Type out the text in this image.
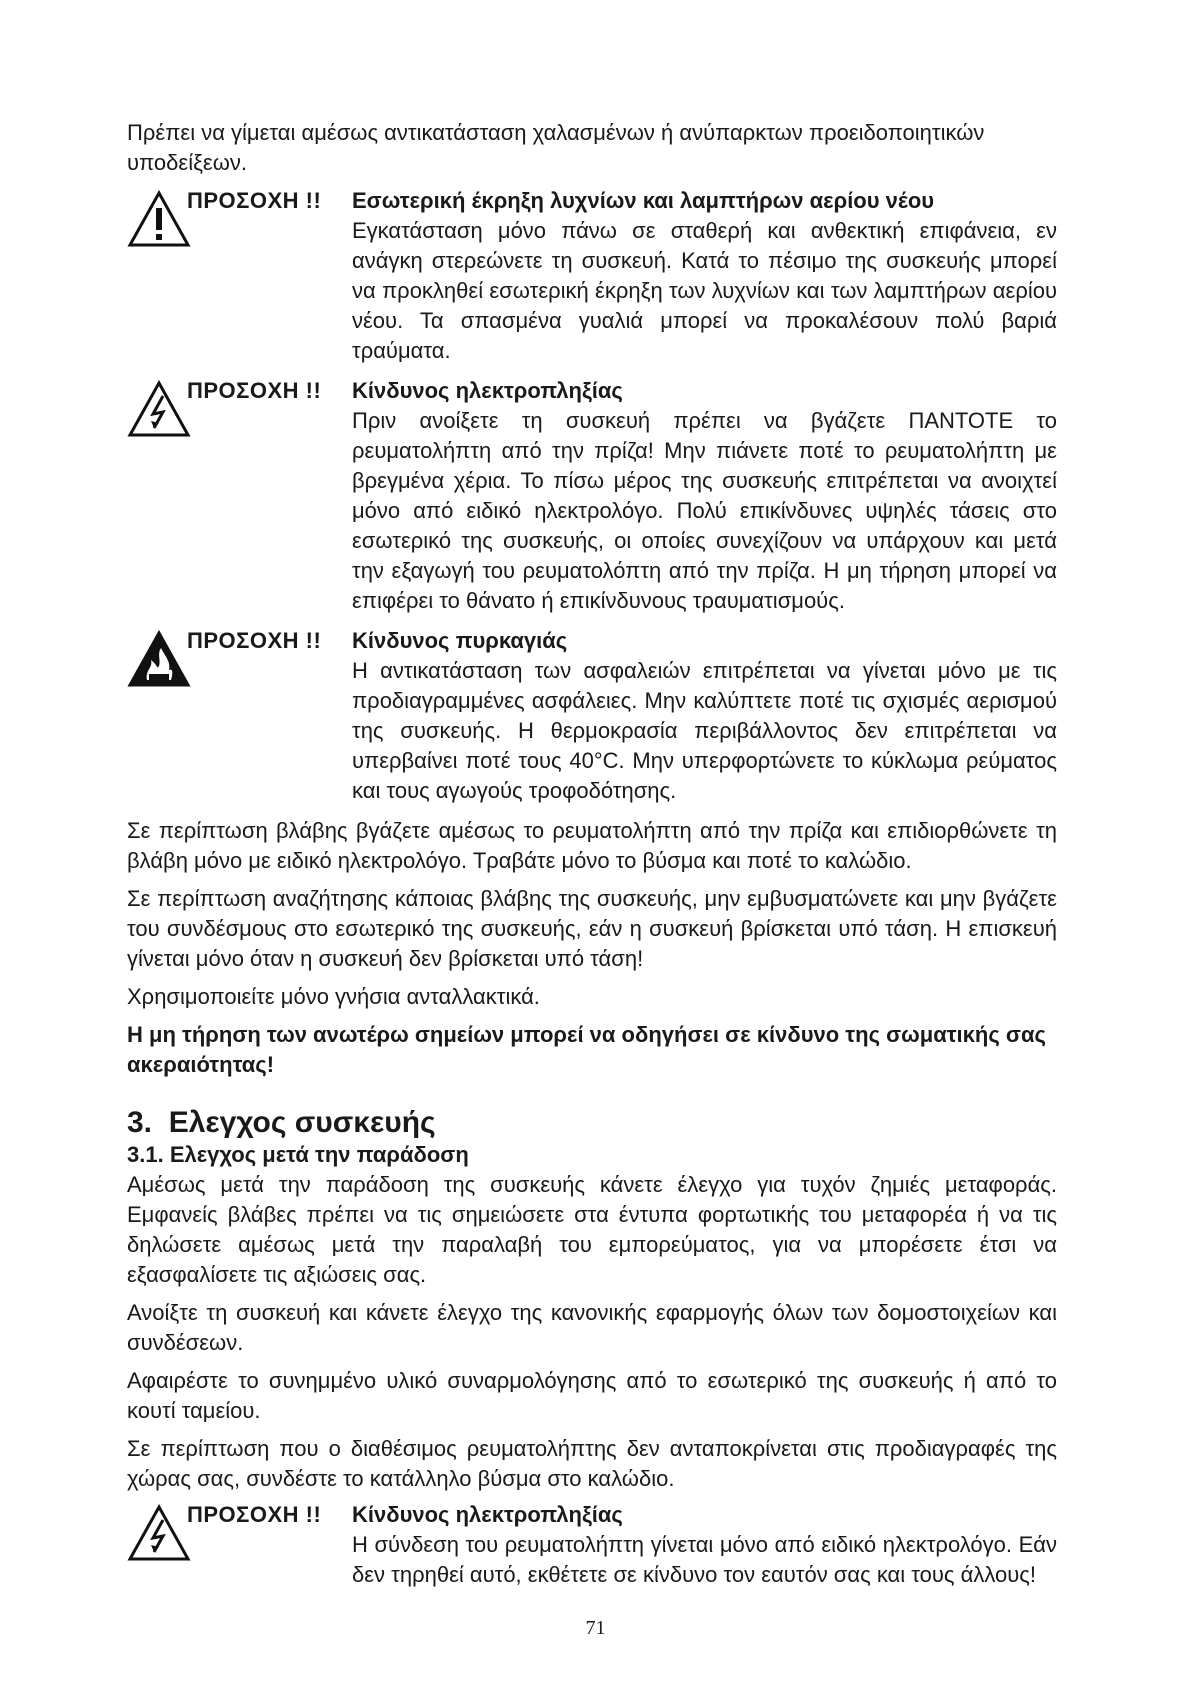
Πρέπει να γίμεται αμέσως αντικατάσταση χαλασμένων ή ανύπαρκτων προειδοποιητικών υποδείξεων.

ΠΡΟΣΟΧΗ !! Εσωτερική έκρηξη λυχνίων και λαμπτήρων αερίου νέου
Εγκατάσταση μόνο πάνω σε σταθερή και ανθεκτική επιφάνεια, εν ανάγκη στερεώνετε τη συσκευή. Κατά το πέσιμο της συσκευής μπορεί να προκληθεί εσωτερική έκρηξη των λυχνίων και των λαμπτήρων αερίου νέου. Τα σπασμένα γυαλιά μπορεί να προκαλέσουν πολύ βαριά τραύματα.
ΠΡΟΣΟΧΗ !! Κίνδυνος ηλεκτροπληξίας
Πριν ανοίξετε τη συσκευή πρέπει να βγάζετε ΠΑΝΤΟΤΕ το ρευματολήπτη από την πρίζα! Μην πιάνετε ποτέ το ρευματολήπτη με βρεγμένα χέρια. Το πίσω μέρος της συσκευής επιτρέπεται να ανοιχτεί μόνο από ειδικό ηλεκτρολόγο. Πολύ επικίνδυνες υψηλές τάσεις στο εσωτερικό της συσκευής, οι οποίες συνεχίζουν να υπάρχουν και μετά την εξαγωγή του ρευματολόπτη από την πρίζα. Η μη τήρηση μπορεί να επιφέρει το θάνατο ή επικίνδυνους τραυματισμούς.
ΠΡΟΣΟΧΗ !! Κίνδυνος πυρκαγιάς
Η αντικατάσταση των ασφαλειών επιτρέπεται να γίνεται μόνο με τις προδιαγραμμένες ασφάλειες. Μην καλύπτετε ποτέ τις σχισμές αερισμού της συσκευής. Η θερμοκρασία περιβάλλοντος δεν επιτρέπεται να υπερβαίνει ποτέ τους 40°C. Μην υπερφορτώνετε το κύκλωμα ρεύματος και τους αγωγούς τροφοδότησης.

Σε περίπτωση βλάβης βγάζετε αμέσως το ρευματολήπτη από την πρίζα και επιδιορθώνετε τη βλάβη μόνο με ειδικό ηλεκτρολόγο. Τραβάτε μόνο το βύσμα και ποτέ το καλώδιο.

Σε περίπτωση αναζήτησης κάποιας βλάβης της συσκευής, μην εμβυσματώνετε και μην βγάζετε του συνδέσμους στο εσωτερικό της συσκευής, εάν η συσκευή βρίσκεται υπό τάση. Η επισκευή γίνεται μόνο όταν η συσκευή δεν βρίσκεται υπό τάση!

Χρησιμοποιείτε μόνο γνήσια ανταλλακτικά.

Η μη τήρηση των ανωτέρω σημείων μπορεί να οδηγήσει σε κίνδυνο της σωματικής σας ακεραιότητας!

3. Ελεγχος συσκευής
3.1. Ελεγχος μετά την παράδοση

Αμέσως μετά την παράδοση της συσκευής κάνετε έλεγχο για τυχόν ζημιές μεταφοράς. Εμφανείς βλάβες πρέπει να τις σημειώσετε στα έντυπα φορτωτικής του μεταφορέα ή να τις δηλώσετε αμέσως μετά την παραλαβή του εμπορεύματος, για να μπορέσετε έτσι να εξασφαλίσετε τις αξιώσεις σας.

Ανοίξτε τη συσκευή και κάνετε έλεγχο της κανονικής εφαρμογής όλων των δομοστοιχείων και συνδέσεων.

Αφαιρέστε το συνημμένο υλικό συναρμολόγησης από το εσωτερικό της συσκευής ή από το κουτί ταμείου.

Σε περίπτωση που ο διαθέσιμος ρευματολήπτης δεν ανταποκρίνεται στις προδιαγραφές της χώρας σας, συνδέστε το κατάλληλο βύσμα στο καλώδιο.

ΠΡΟΣΟΧΗ !! Κίνδυνος ηλεκτροπληξίας
Η σύνδεση του ρευματολήπτη γίνεται μόνο από ειδικό ηλεκτρολόγο. Εάν δεν τηρηθεί αυτό, εκθέτετε σε κίνδυνο τον εαυτόν σας και τους άλλους!
71
